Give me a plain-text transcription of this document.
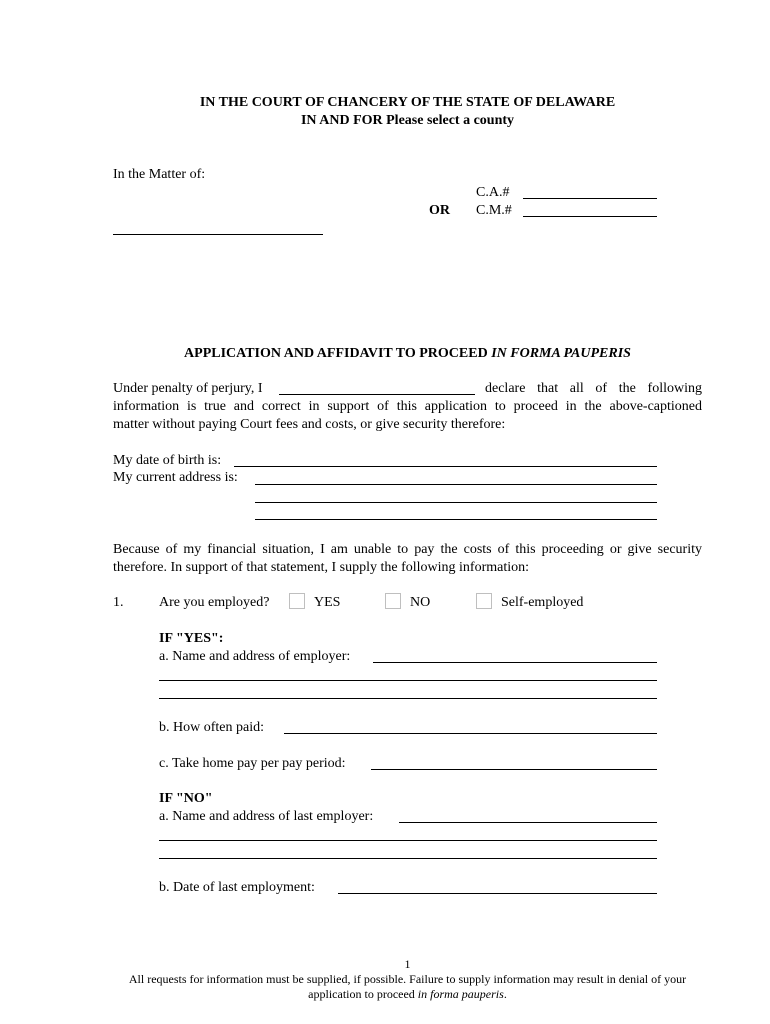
IN THE COURT OF CHANCERY OF THE STATE OF DELAWARE
IN AND FOR Please select a county
In the Matter of:
C.A.#
OR C.M.#
APPLICATION AND AFFIDAVIT TO PROCEED IN FORMA PAUPERIS
Under penalty of perjury, I	declare that all of the following
information is true and correct in support of this application to proceed in the above-captioned
matter without paying Court fees and costs, or give security therefore:
My date of birth is:
My current address is:
Because of my financial situation, I am unable to pay the costs of this proceeding or give security
therefore. In support of that statement, I supply the following information:
1.	Are you employed?	YES	NO	Self-employed
IF "YES":
a. Name and address of employer:
b. How often paid:
c. Take home pay per pay period:
IF "NO"
a. Name and address of last employer:
b. Date of last employment:
1
All requests for information must be supplied, if possible. Failure to supply information may result in denial of your
application to proceed in forma pauperis.
